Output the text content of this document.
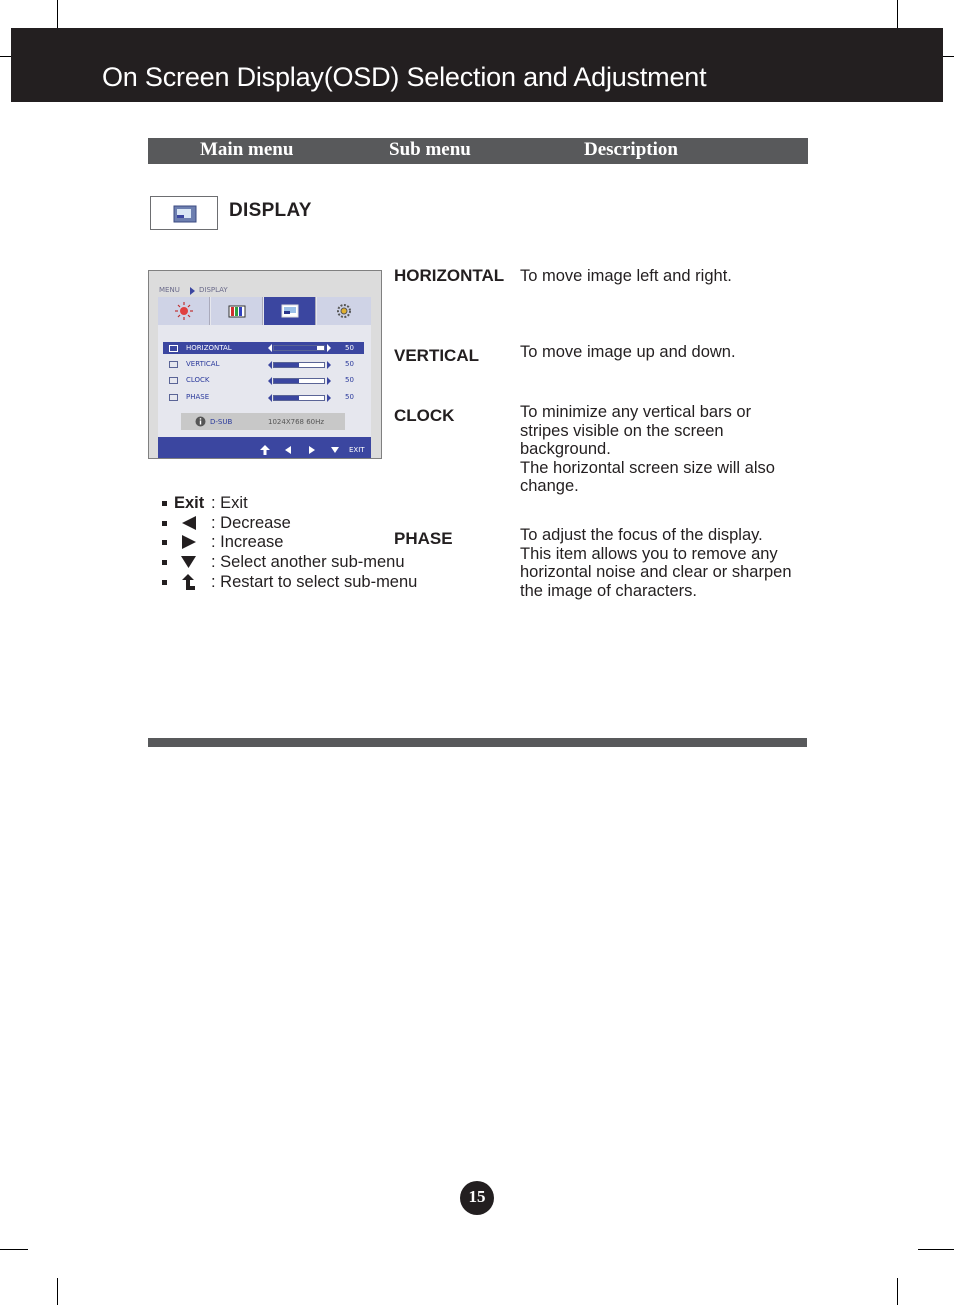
On Screen Display(OSD) Selection and Adjustment
Main menu	Sub menu	Description
DISPLAY
MENU	DISPLAY
HORIZONTAL	50
VERTICAL	50
CLOCK	50
PHASE	50
D-SUB	1024X768 60Hz
EXIT
HORIZONTAL To move image left and right.
VERTICAL To move image up and down.
CLOCK	To minimize any vertical bars or
stripes visible on the screen
background.
The horizontal screen size will also
change.
PHASE	To adjust the focus of the display.
This item allows you to remove any
horizontal noise and clear or sharpen
the image of characters.
Exit : Exit
: Decrease
: Increase
: Select another sub-menu
: Restart to select sub-menu
15
